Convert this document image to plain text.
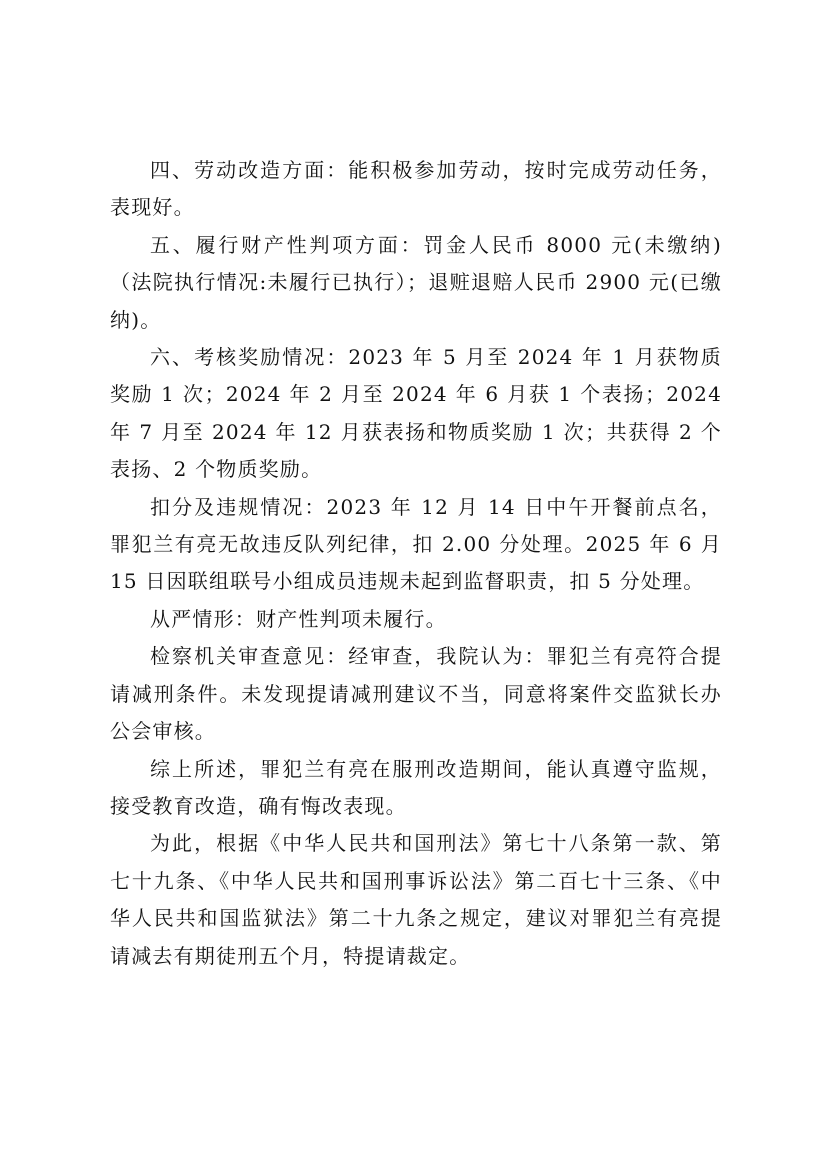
四、劳动改造方面：能积极参加劳动，按时完成劳动任务，表现好。

五、履行财产性判项方面：罚金人民币 8000 元(未缴纳)（法院执行情况:未履行已执行）；退赃退赔人民币 2900 元(已缴纳)。

六、考核奖励情况：2023 年 5 月至 2024 年 1 月获物质奖励 1 次；2024 年 2 月至 2024 年 6 月获 1 个表扬；2024 年 7 月至 2024 年 12 月获表扬和物质奖励 1 次；共获得 2 个表扬、2 个物质奖励。

扣分及违规情况：2023 年 12 月 14 日中午开餐前点名，罪犯兰有亮无故违反队列纪律，扣 2.00 分处理。2025 年 6 月 15 日因联组联号小组成员违规未起到监督职责，扣 5 分处理。

从严情形：财产性判项未履行。

检察机关审查意见：经审查，我院认为：罪犯兰有亮符合提请减刑条件。未发现提请减刑建议不当，同意将案件交监狱长办公会审核。

综上所述，罪犯兰有亮在服刑改造期间，能认真遵守监规，接受教育改造，确有悔改表现。

为此，根据《中华人民共和国刑法》第七十八条第一款、第七十九条、《中华人民共和国刑事诉讼法》第二百七十三条、《中华人民共和国监狱法》第二十九条之规定，建议对罪犯兰有亮提请减去有期徒刑五个月，特提请裁定。
